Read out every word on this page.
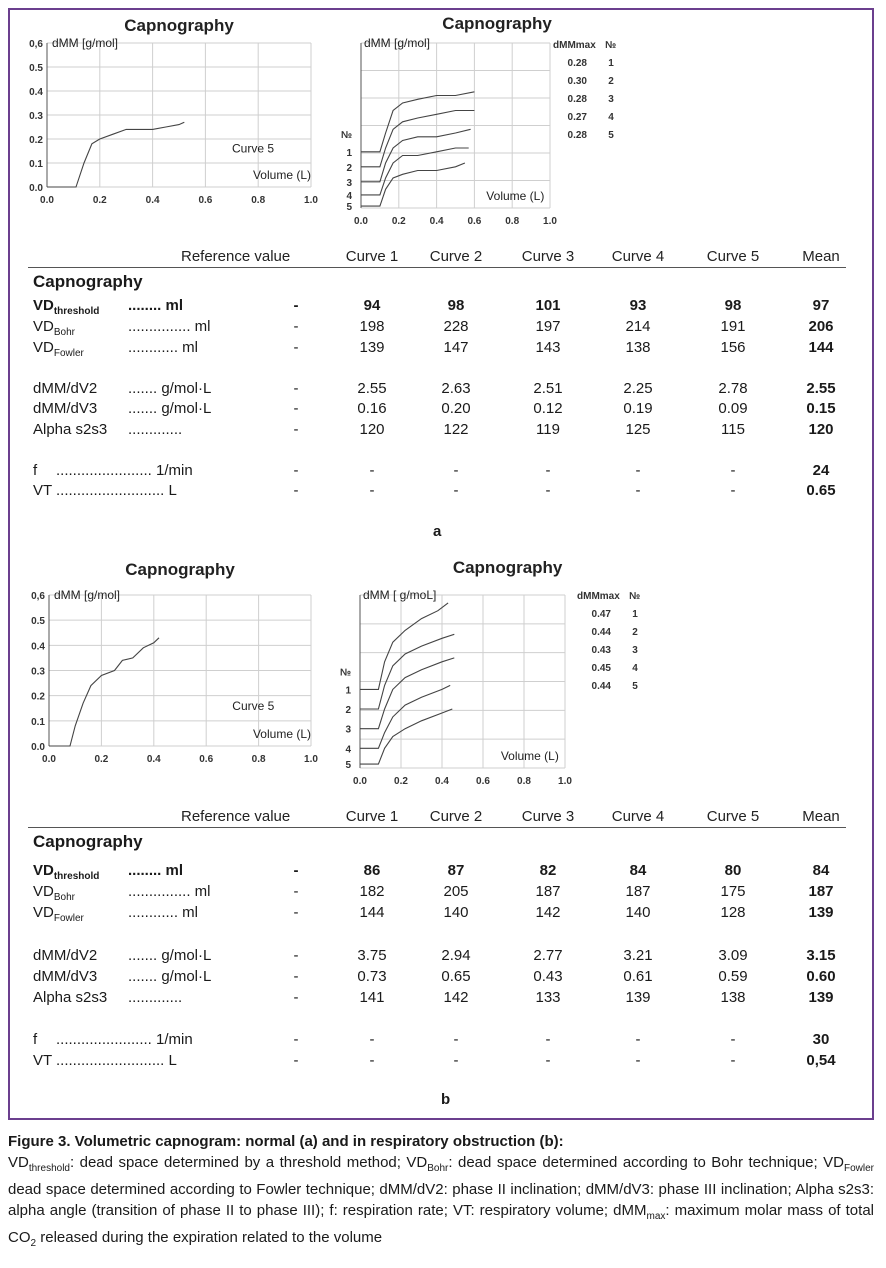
Capnography
0,6
0.5
0.4
0.3
0.2
0.1
0.0
0.0	0.2	0.4	0.6	0.8	1.0
dMM [g/mol]
Curve 5
Volume (L)
Capnography
dMM [g/mol]
0.0 0.2 0.4 0.6 0.8 1.0
Volume (L)
№
1
2
3
4
5
dMMmax №
0.28 1
0.30 2
0.28 3
0.27 4
0.28 5
Capnography
0,6
0.5
0.4
0.3
0.2
0.1
0.0
0.0	0.2	0.4	0.6	0.8	1.0
dMM [g/mol]
Curve 5
Volume (L)
Capnography
dMM [ g/moL]
0.0	0.2	0.4	0.6	0.8	1.0
Volume (L)
№
1
2
3
4
5
dMMmax №
0.47 1
0.44 2
0.43 3
0.45 4
0.44 5
Reference value	Curve 1 Curve 2	Curve 3 Curve 4	Curve 5	Mean
Capnography
$VD_{threshold}$ ........ ml	-	94	98	101	93	98	97
$VD_{Bohr}$	............... ml	-	198	228	197	214	191	206
$VD_{Fowler}$	............ ml	-	139	147	143	138	156	144
dMM/dV2 ....... g/mol·L	-	2.55	2.63	2.51	2.25	2.78	2.55
dMM/dV3 ....... g/mol·L	-	0.16	0.20	0.12	0.19	0.09	0.15
Alpha s2s3 .............	-	120	122	119	125	115	120
f ....................... 1/min	-	-	-	-	-	-	24
VT .......................... L	-	-	-	-	-	-	0.65
a
Reference value	Curve 1 Curve 2	Curve 3 Curve 4	Curve 5	Mean
Capnography
$VD_{threshold}$ ........ ml	-	86	87	82	84	80	84
$VD_{Bohr}$	............... ml	-	182	205	187	187	175	187
$VD_{Fowler}$	............ ml	-	144	140	142	140	128	139
dMM/dV2 ....... g/mol·L	-	3.75	2.94	2.77	3.21	3.09	3.15
dMM/dV3 ....... g/mol·L	-	0.73	0.65	0.43	0.61	0.59	0.60
Alpha s2s3 .............	-	141	142	133	139	138	139
f ....................... 1/min	-	-	-	-	-	-	30
VT .......................... L	-	-	-	-	-	-	0,54
b
Figure 3. Volumetric capnogram: normal (a) and in respiratory obstruction (b):
$VD_{threshold}$: dead space determined by a threshold method; $VD_{Bohr}$: dead space determined according to Bohr technique; $VD_{Fowler}$ dead space determined according to Fowler technique; dMM/dV2: phase II inclination; dMM/dV3: phase III inclination; Alpha s2s3: alpha angle (transition of phase II to phase III); f: respiration rate; VT: respiratory volume; dMM$_{max}$: maximum molar mass of total $CO_2$ released during the expiration related to the volume
